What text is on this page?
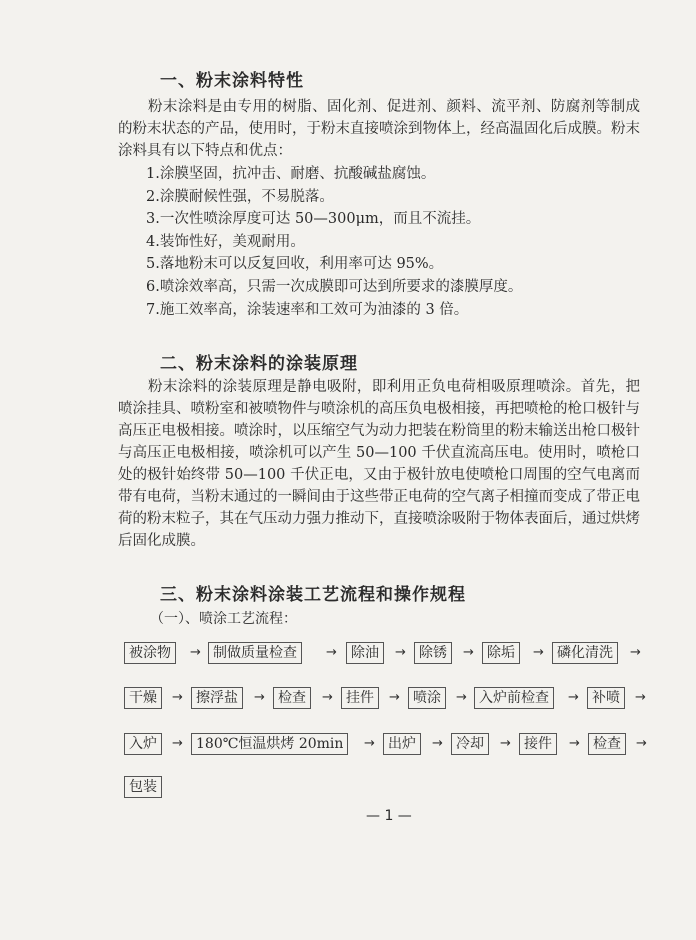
一、粉末涂料特性
粉末涂料是由专用的树脂、固化剂、促进剂、颜料、流平剂、防腐剂等制成的粉末状态的产品，使用时，于粉末直接喷涂到物体上，经高温固化后成膜。粉末涂料具有以下特点和优点：
1.涂膜坚固，抗冲击、耐磨、抗酸碱盐腐蚀。
2.涂膜耐候性强，不易脱落。
3.一次性喷涂厚度可达 50—300μm，而且不流挂。
4.装饰性好，美观耐用。
5.落地粉末可以反复回收，利用率可达 95%。
6.喷涂效率高，只需一次成膜即可达到所要求的漆膜厚度。
7.施工效率高，涂装速率和工效可为油漆的 3 倍。
二、粉末涂料的涂装原理
粉末涂料的涂装原理是静电吸附，即利用正负电荷相吸原理喷涂。首先，把喷涂挂具、喷粉室和被喷物件与喷涂机的高压负电极相接，再把喷枪的枪口极针与高压正电极相接。喷涂时，以压缩空气为动力把装在粉筒里的粉末输送出枪口极针与高压正电极相接，喷涂机可以产生 50—100 千伏直流高压电。使用时，喷枪口处的极针始终带 50—100 千伏正电，又由于极针放电使喷枪口周围的空气电离而带有电荷，当粉末通过的一瞬间由于这些带正电荷的空气离子相撞而变成了带正电荷的粉末粒子，其在气压动力强力推动下，直接喷涂吸附于物体表面后，通过烘烤后固化成膜。
三、粉末涂料涂装工艺流程和操作规程
（一）、喷涂工艺流程：
被涂物	→ 制做质量检查	→	除油	→ 除锈	→ 除垢	→ 磷化清洗	→
干燥	→ 擦浮盐	→ 检查	→ 挂件	→ 喷涂	→ 入炉前检查	→ 补喷	→
入炉	→ 180℃恒温烘烤 20min	→ 出炉	→ 冷却	→ 接件	→ 检查	→
包装
— 1 —
